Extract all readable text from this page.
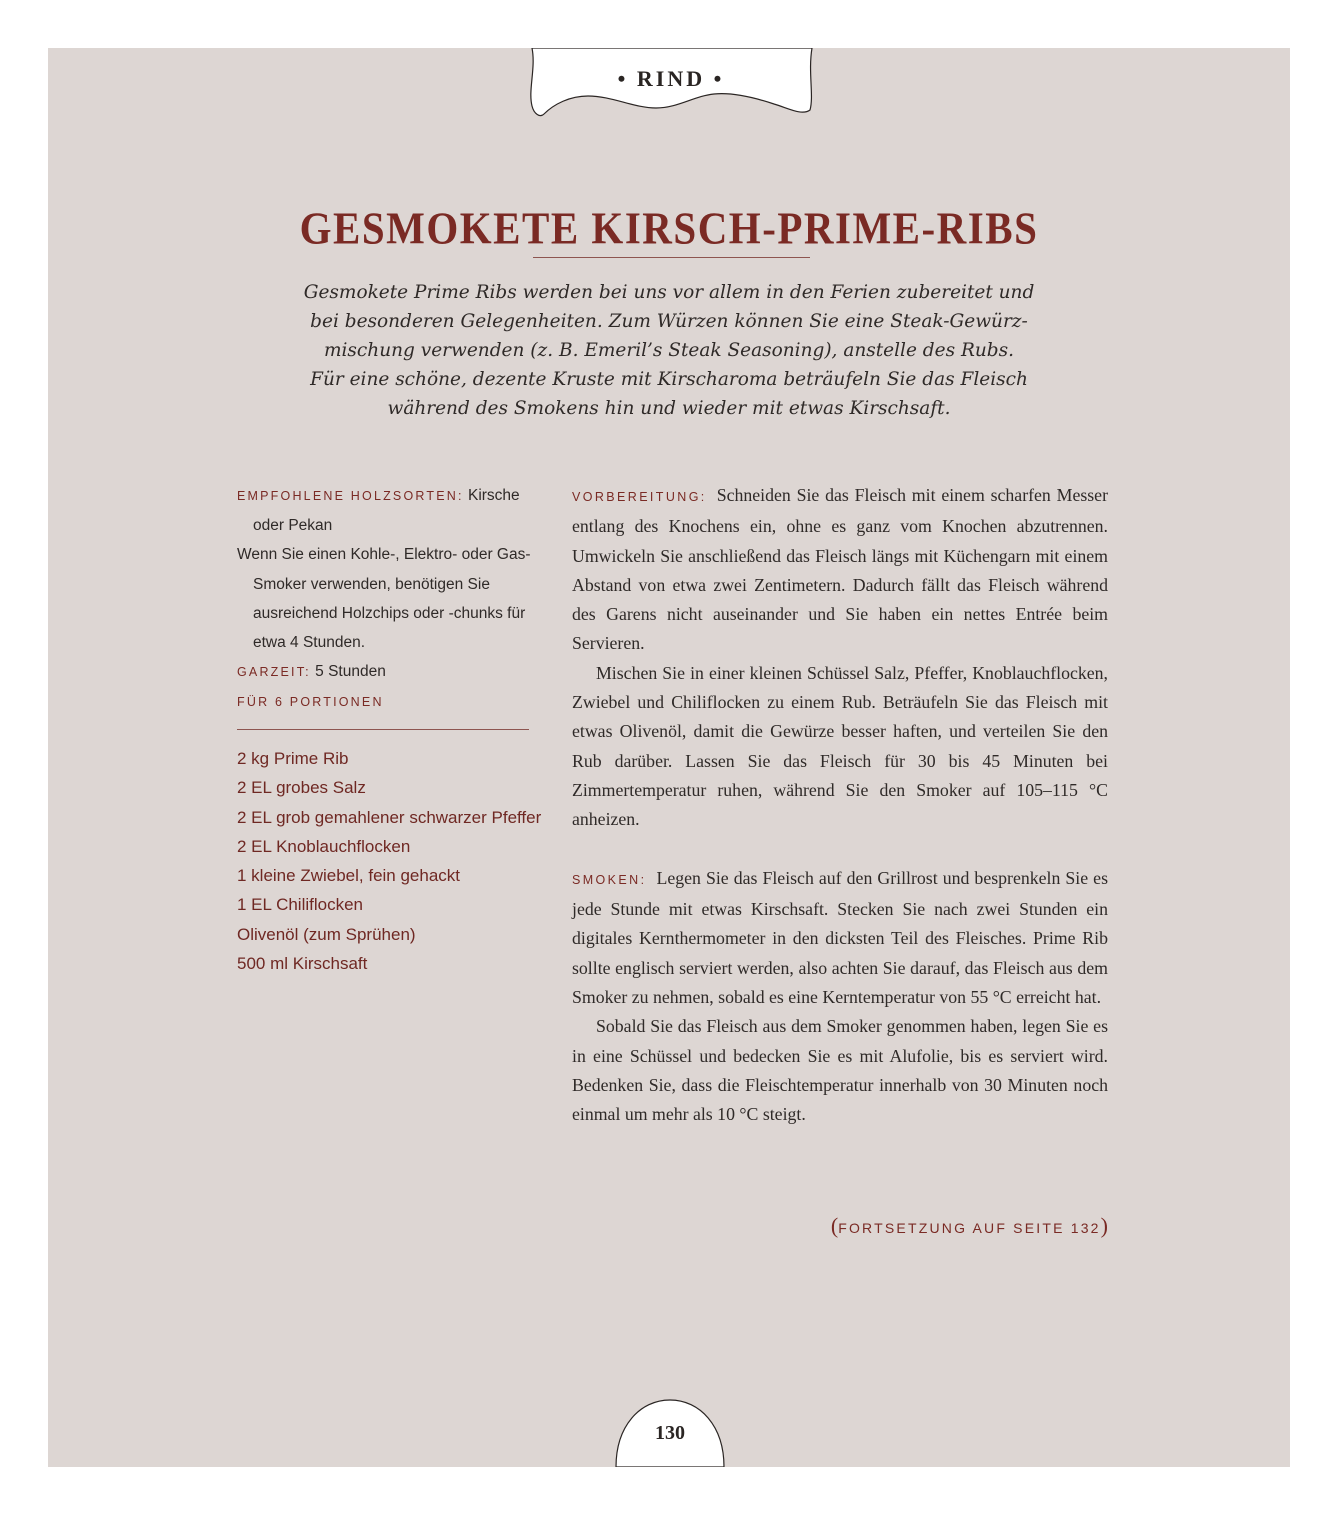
• RIND •
GESMOKETE KIRSCH-PRIME-RIBS

Gesmokete Prime Ribs werden bei uns vor allem in den Ferien zubereitet und
bei besonderen Gelegenheiten. Zum Würzen können Sie eine Steak-Gewürz-
mischung verwenden (z. B. Emeril’s Steak Seasoning), anstelle des Rubs.
Für eine schöne, dezente Kruste mit Kirscharoma beträufeln Sie das Fleisch
während des Smokens hin und wieder mit etwas Kirschsaft.

EMPFOHLENE HOLZSORTEN: Kirsche oder Pekan

Wenn Sie einen Kohle-, Elektro- oder Gas-Smoker verwenden, benötigen Sie ausreichend Holzchips oder -chunks für etwa 4 Stunden.

GARZEIT: 5 Stunden

FÜR 6 PORTIONEN

2 kg Prime Rib
2 EL grobes Salz
2 EL grob gemahlener schwarzer Pfeffer
2 EL Knoblauchflocken
1 kleine Zwiebel, fein gehackt
1 EL Chiliflocken
Olivenöl (zum Sprühen)
500 ml Kirschsaft

VORBEREITUNG: Schneiden Sie das Fleisch mit einem scharfen Messer entlang des Knochens ein, ohne es ganz vom Knochen abzutrennen. Umwickeln Sie anschließend das Fleisch längs mit Küchengarn mit einem Abstand von etwa zwei Zentimetern. Dadurch fällt das Fleisch während des Garens nicht auseinander und Sie haben ein nettes Entrée beim Servieren.

Mischen Sie in einer kleinen Schüssel Salz, Pfeffer, Knoblauchflocken, Zwiebel und Chiliflocken zu einem Rub. Beträufeln Sie das Fleisch mit etwas Olivenöl, damit die Gewürze besser haften, und verteilen Sie den Rub darüber. Lassen Sie das Fleisch für 30 bis 45 Minuten bei Zimmertemperatur ruhen, während Sie den Smoker auf 105–115 °C anheizen.

SMOKEN: Legen Sie das Fleisch auf den Grillrost und besprenkeln Sie es jede Stunde mit etwas Kirschsaft. Stecken Sie nach zwei Stunden ein digitales Kernthermometer in den dicksten Teil des Fleisches. Prime Rib sollte englisch serviert werden, also achten Sie darauf, das Fleisch aus dem Smoker zu nehmen, sobald es eine Kerntemperatur von 55 °C erreicht hat.

Sobald Sie das Fleisch aus dem Smoker genommen haben, legen Sie es in eine Schüssel und bedecken Sie es mit Alufolie, bis es serviert wird. Bedenken Sie, dass die Fleischtemperatur innerhalb von 30 Minuten noch einmal um mehr als 10 °C steigt.

(FORTSETZUNG AUF SEITE 132)
130
